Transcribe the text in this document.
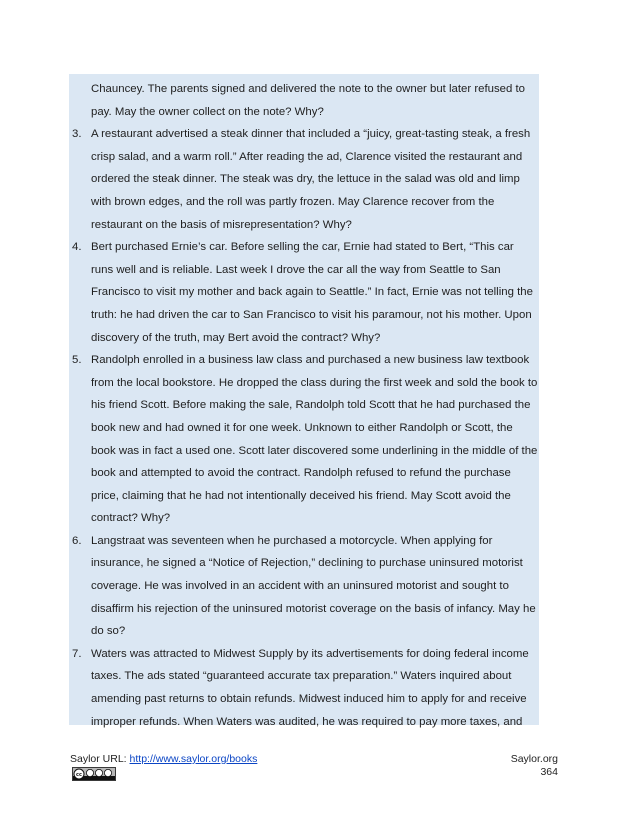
Chauncey. The parents signed and delivered the note to the owner but later refused to pay. May the owner collect on the note? Why?

3. A restaurant advertised a steak dinner that included a “juicy, great-tasting steak, a fresh crisp salad, and a warm roll.” After reading the ad, Clarence visited the restaurant and ordered the steak dinner. The steak was dry, the lettuce in the salad was old and limp with brown edges, and the roll was partly frozen. May Clarence recover from the restaurant on the basis of misrepresentation? Why?

4. Bert purchased Ernie’s car. Before selling the car, Ernie had stated to Bert, “This car runs well and is reliable. Last week I drove the car all the way from Seattle to San Francisco to visit my mother and back again to Seattle.” In fact, Ernie was not telling the truth: he had driven the car to San Francisco to visit his paramour, not his mother. Upon discovery of the truth, may Bert avoid the contract? Why?

5. Randolph enrolled in a business law class and purchased a new business law textbook from the local bookstore. He dropped the class during the first week and sold the book to his friend Scott. Before making the sale, Randolph told Scott that he had purchased the book new and had owned it for one week. Unknown to either Randolph or Scott, the book was in fact a used one. Scott later discovered some underlining in the middle of the book and attempted to avoid the contract. Randolph refused to refund the purchase price, claiming that he had not intentionally deceived his friend. May Scott avoid the contract? Why?

6. Langstraat was seventeen when he purchased a motorcycle. When applying for insurance, he signed a “Notice of Rejection,” declining to purchase uninsured motorist coverage. He was involved in an accident with an uninsured motorist and sought to disaffirm his rejection of the uninsured motorist coverage on the basis of infancy. May he do so?

7. Waters was attracted to Midwest Supply by its advertisements for doing federal income taxes. The ads stated “guaranteed accurate tax preparation.” Waters inquired about amending past returns to obtain refunds. Midwest induced him to apply for and receive improper refunds. When Waters was audited, he was required to pay more taxes, and

Saylor URL: http://www.saylor.org/books	Saylor.org
364
cc
